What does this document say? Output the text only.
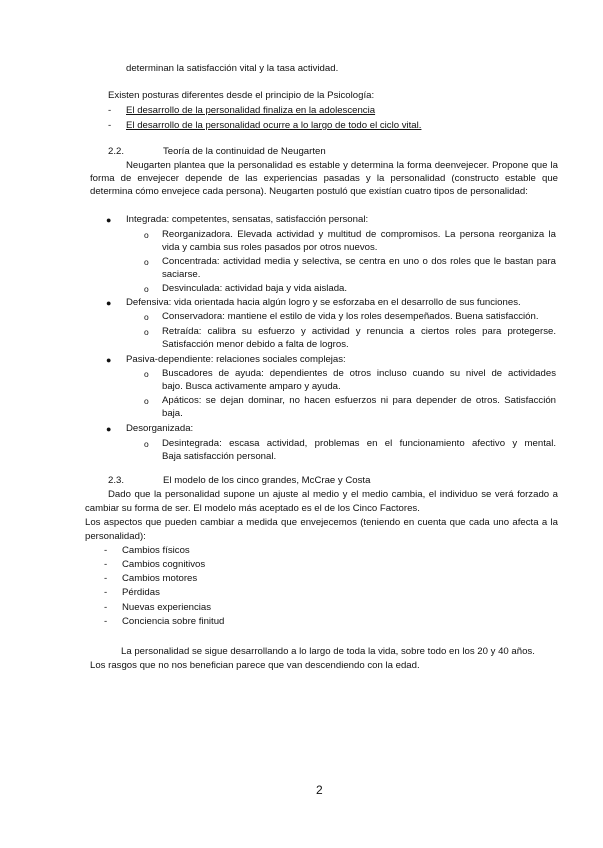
determinan la satisfacción vital y la tasa actividad.
Existen posturas diferentes desde el principio de la Psicología:
- El desarrollo de la personalidad finaliza en la adolescencia
- El desarrollo de la personalidad ocurre a lo largo de todo el ciclo vital.
2.2.	Teoría de la continuidad de Neugarten
Neugarten plantea que la personalidad es estable y determina la forma deenvejecer. Propone que la
forma de envejecer depende de las experiencias pasadas y la personalidad (constructo estable que
determina cómo envejece cada persona). Neugarten postuló que existían cuatro tipos de personalidad:
● Integrada: competentes, sensatas, satisfacción personal:
o Reorganizadora. Elevada actividad y multitud de compromisos. La persona reorganiza la
vida y cambia sus roles pasados por otros nuevos.
o Concentrada: actividad media y selectiva, se centra en uno o dos roles que le bastan para
saciarse.
o Desvinculada: actividad baja y vida aislada.
● Defensiva: vida orientada hacia algún logro y se esforzaba en el desarrollo de sus funciones.
o Conservadora: mantiene el estilo de vida y los roles desempeñados. Buena satisfacción.
o Retraída: calibra su esfuerzo y actividad y renuncia a ciertos roles para protegerse.
Satisfacción menor debido a falta de logros.
● Pasiva-dependiente: relaciones sociales complejas:
o Buscadores de ayuda: dependientes de otros incluso cuando su nivel de actividades
bajo. Busca activamente amparo y ayuda.
o Apáticos: se dejan dominar, no hacen esfuerzos ni para depender de otros. Satisfacción
baja.
● Desorganizada:
o Desintegrada: escasa actividad, problemas en el funcionamiento afectivo y mental.
Baja satisfacción personal.
2.3.	El modelo de los cinco grandes, McCrae y Costa
Dado que la personalidad supone un ajuste al medio y el medio cambia, el individuo se verá forzado a
cambiar su forma de ser. El modelo más aceptado es el de los Cinco Factores.
Los aspectos que pueden cambiar a medida que envejecemos (teniendo en cuenta que cada uno afecta a la
personalidad):
- Cambios físicos
- Cambios cognitivos
- Cambios motores
- Pérdidas
- Nuevas experiencias
- Conciencia sobre finitud
La personalidad se sigue desarrollando a lo largo de toda la vida, sobre todo en los 20 y 40 años.
Los rasgos que no nos benefician parece que van descendiendo con la edad.
2
